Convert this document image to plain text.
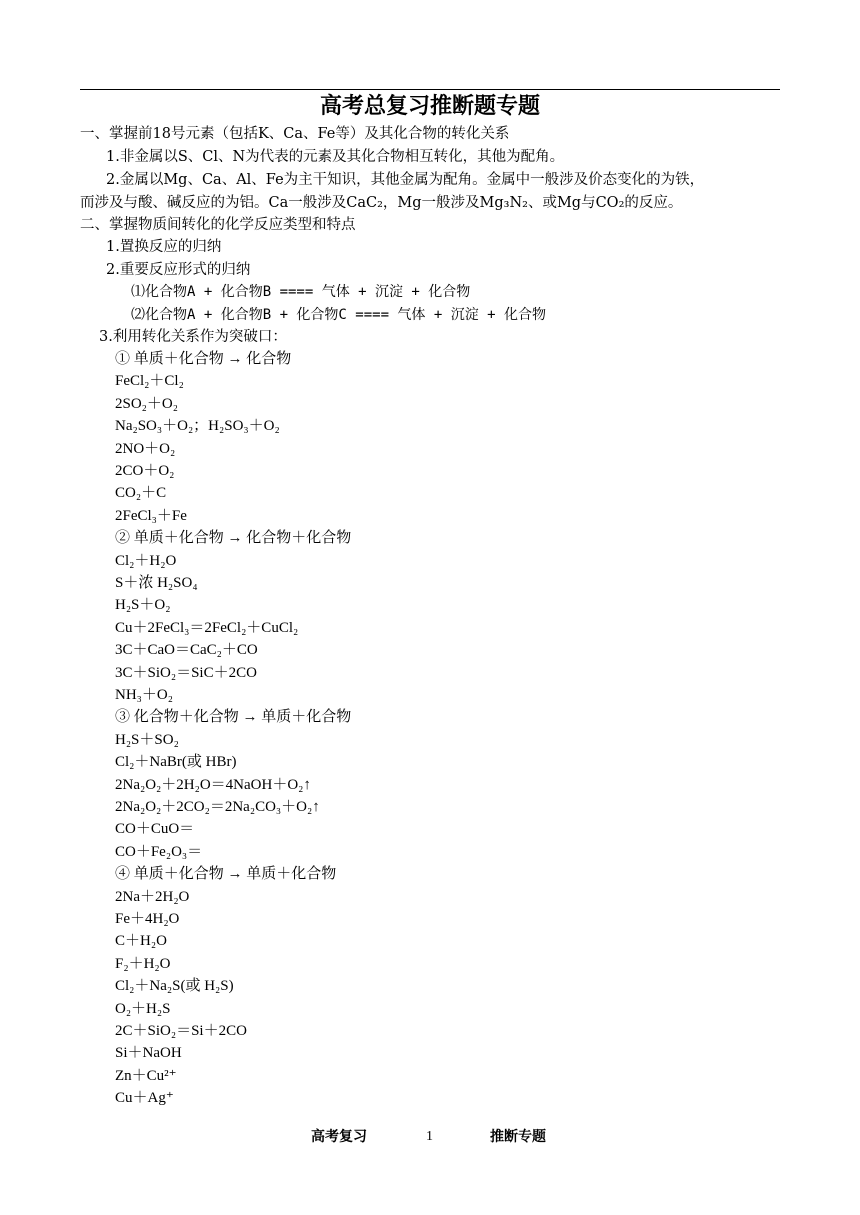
高考总复习推断题专题
一、掌握前18号元素（包括K、Ca、Fe等）及其化合物的转化关系
1.非金属以S、Cl、N为代表的元素及其化合物相互转化，其他为配角。
2.金属以Mg、Ca、Al、Fe为主干知识，其他金属为配角。金属中一般涉及价态变化的为铁，
而涉及与酸、碱反应的为铝。Ca一般涉及CaC₂，Mg一般涉及Mg₃N₂、或Mg与CO₂的反应。
二、掌握物质间转化的化学反应类型和特点
1.置换反应的归纳
2.重要反应形式的归纳
⑴化合物A + 化合物B ==== 气体 + 沉淀 + 化合物
⑵化合物A + 化合物B + 化合物C ==== 气体 + 沉淀 + 化合物
3.利用转化关系作为突破口：
① 单质＋化合物 → 化合物
FeCl₂＋Cl₂
2SO₂＋O₂
Na₂SO₃＋O₂；H₂SO₃＋O₂
2NO＋O₂
2CO＋O₂
CO₂＋C
2FeCl₃＋Fe
② 单质＋化合物 → 化合物＋化合物
Cl₂＋H₂O
S＋浓 H₂SO₄
H₂S＋O₂
Cu＋2FeCl₃＝2FeCl₂＋CuCl₂
3C＋CaO＝CaC₂＋CO
3C＋SiO₂＝SiC＋2CO
NH₃＋O₂
③ 化合物＋化合物 → 单质＋化合物
H₂S＋SO₂
Cl₂＋NaBr(或 HBr)
2Na₂O₂＋2H₂O＝4NaOH＋O₂↑
2Na₂O₂＋2CO₂＝2Na₂CO₃＋O₂↑
CO＋CuO＝
CO＋Fe₂O₃＝
④ 单质＋化合物 → 单质＋化合物
2Na＋2H₂O
Fe＋4H₂O
C＋H₂O
F₂＋H₂O
Cl₂＋Na₂S(或 H₂S)
O₂＋H₂S
2C＋SiO₂＝Si＋2CO
Si＋NaOH
Zn＋Cu²⁺
Cu＋Ag⁺
高考复习	1	推断专题
